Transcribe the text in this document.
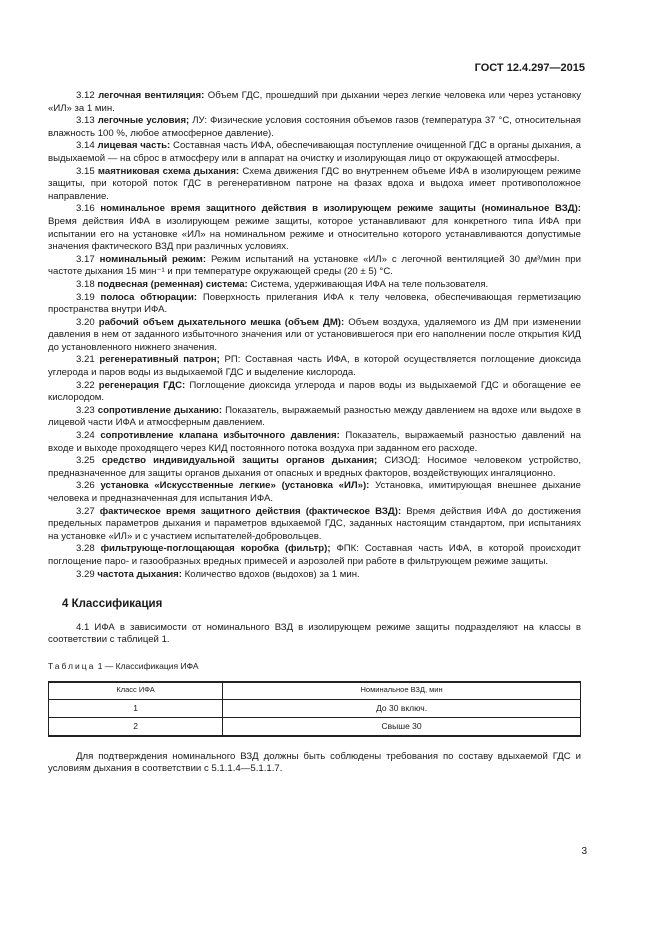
ГОСТ 12.4.297—2015

3.12 легочная вентиляция: Объем ГДС, прошедший при дыхании через легкие человека или через установку «ИЛ» за 1 мин.

3.13 легочные условия; ЛУ: Физические условия состояния объемов газов (температура 37 °С, относительная влажность 100 %, любое атмосферное давление).

3.14 лицевая часть: Составная часть ИФА, обеспечивающая поступление очищенной ГДС в органы дыхания, а выдыхаемой — на сброс в атмосферу или в аппарат на очистку и изолирующая лицо от окружающей атмосферы.

3.15 маятниковая схема дыхания: Схема движения ГДС во внутреннем объеме ИФА в изолирующем режиме защиты, при которой поток ГДС в регенеративном патроне на фазах вдоха и выдоха имеет противоположное направление.

3.16 номинальное время защитного действия в изолирующем режиме защиты (номинальное ВЗД): Время действия ИФА в изолирующем режиме защиты, которое устанавливают для конкретного типа ИФА при испытании его на установке «ИЛ» на номинальном режиме и относительно которого устанавливаются допустимые значения фактического ВЗД при различных условиях.

3.17 номинальный режим: Режим испытаний на установке «ИЛ» с легочной вентиляцией 30 дм³/мин при частоте дыхания 15 мин⁻¹ и при температуре окружающей среды (20 ± 5) °С.

3.18 подвесная (ременная) система: Система, удерживающая ИФА на теле пользователя.

3.19 полоса обтюрации: Поверхность прилегания ИФА к телу человека, обеспечивающая герметизацию пространства внутри ИФА.

3.20 рабочий объем дыхательного мешка (объем ДМ): Объем воздуха, удаляемого из ДМ при изменении давления в нем от заданного избыточного значения или от установившегося при его наполнении после открытия КИД до установленного нижнего значения.

3.21 регенеративный патрон; РП: Составная часть ИФА, в которой осуществляется поглощение диоксида углерода и паров воды из выдыхаемой ГДС и выделение кислорода.

3.22 регенерация ГДС: Поглощение диоксида углерода и паров воды из выдыхаемой ГДС и обогащение ее кислородом.

3.23 сопротивление дыханию: Показатель, выражаемый разностью между давлением на вдохе или выдохе в лицевой части ИФА и атмосферным давлением.

3.24 сопротивление клапана избыточного давления: Показатель, выражаемый разностью давлений на входе и выходе проходящего через КИД постоянного потока воздуха при заданном его расходе.

3.25 средство индивидуальной защиты органов дыхания; СИЗОД: Носимое человеком устройство, предназначенное для защиты органов дыхания от опасных и вредных факторов, воздействующих ингаляционно.

3.26 установка «Искусственные легкие» (установка «ИЛ»): Установка, имитирующая внешнее дыхание человека и предназначенная для испытания ИФА.

3.27 фактическое время защитного действия (фактическое ВЗД): Время действия ИФА до достижения предельных параметров дыхания и параметров вдыхаемой ГДС, заданных настоящим стандартом, при испытаниях на установке «ИЛ» и с участием испытателей-добровольцев.

3.28 фильтрующе-поглощающая коробка (фильтр); ФПК: Составная часть ИФА, в которой происходит поглощение паро- и газообразных вредных примесей и аэрозолей при работе в фильтрующем режиме защиты.

3.29 частота дыхания: Количество вдохов (выдохов) за 1 мин.

4 Классификация

4.1 ИФА в зависимости от номинального ВЗД в изолирующем режиме защиты подразделяют на классы в соответствии с таблицей 1.

Таблица 1 — Классификация ИФА
Класс ИФА	Номинальное ВЗД, мин
1	До 30 включ.
2	Свыше 30

Для подтверждения номинального ВЗД должны быть соблюдены требования по составу вдыхаемой ГДС и условиям дыхания в соответствии с 5.1.1.4—5.1.1.7.

3
